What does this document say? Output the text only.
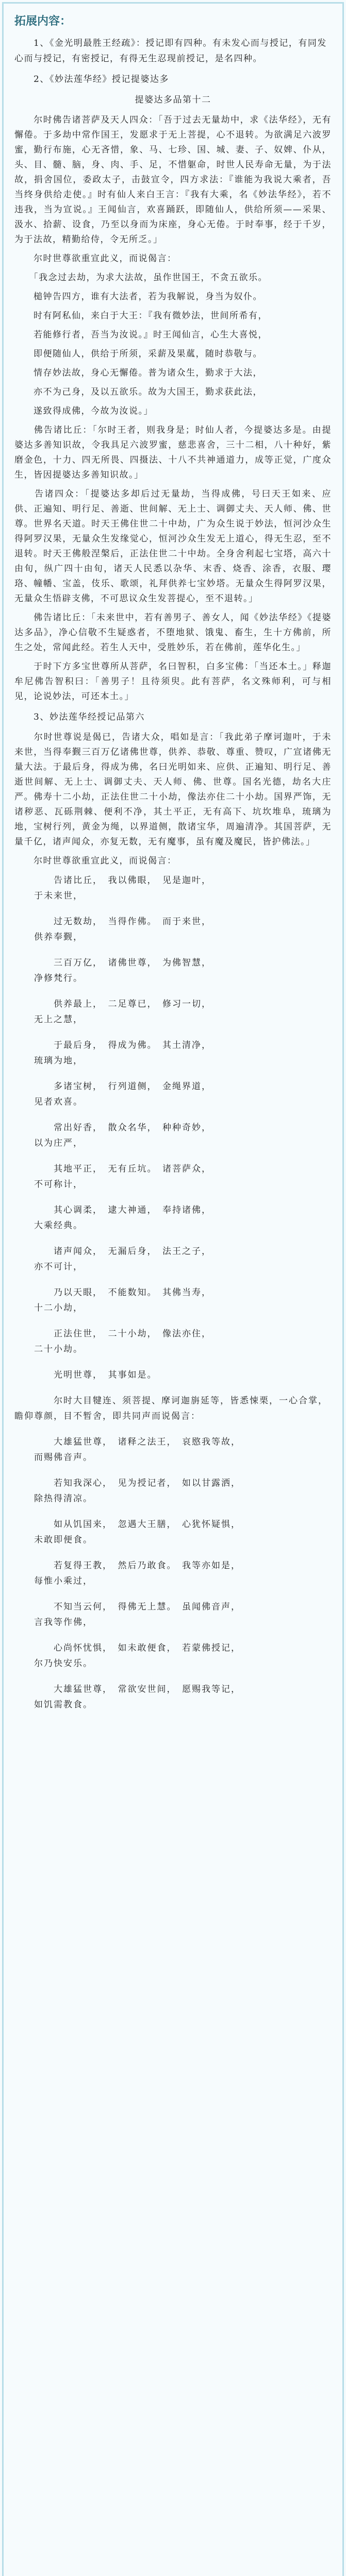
拓展内容：

　　1、《金光明最胜王经疏》：授记即有四种。有未发心而与授记，有同发心而与授记，有密授记，有得无生忍现前授记，是名四种。

　　2、《妙法莲华经》授记提婆达多

提婆达多品第十二

　　尔时佛告诸菩萨及天人四众：「吾于过去无量劫中，求《法华经》，无有懈倦。于多劫中常作国王，发愿求于无上菩提，心不退转。为欲满足六波罗蜜，勤行布施，心无吝惜，象、马、七珍、国、城、妻、子、奴婢、仆从，头、目、髓、脑，身、肉、手、足，不惜躯命，时世人民寿命无量，为于法故，捐舍国位，委政太子，击鼓宣令，四方求法：『谁能为我说大乘者，吾当终身供给走使。』时有仙人来白王言：『我有大乘，名《妙法华经》，若不违我，当为宣说。』王闻仙言，欢喜踊跃，即随仙人，供给所须——采果、汲水、拾薪、设食，乃至以身而为床座，身心无倦。于时奉事，经于千岁，为于法故，精勤给侍，令无所乏。」

　　尔时世尊欲重宣此义，而说偈言：

　　「我念过去劫，为求大法故，虽作世国王，不贪五欲乐。

　　槌钟告四方，谁有大法者，若为我解说，身当为奴仆。

　　时有阿私仙，来白于大王：『我有微妙法，世间所希有，

　　若能修行者，吾当为汝说。』时王闻仙言，心生大喜悦，

　　即便随仙人，供给于所须，采薪及果蓏，随时恭敬与。

　　情存妙法故，身心无懈倦。普为诸众生，勤求于大法，

　　亦不为己身，及以五欲乐。故为大国王，勤求获此法，

　　遂致得成佛，今故为汝说。」

　　佛告诸比丘：「尔时王者，则我身是；时仙人者，今提婆达多是。由提婆达多善知识故，令我具足六波罗蜜，慈悲喜舍，三十二相，八十种好，紫磨金色，十力、四无所畏、四摄法、十八不共神通道力，成等正觉，广度众生，皆因提婆达多善知识故。」

　　告诸四众：「提婆达多却后过无量劫，当得成佛，号曰天王如来、应供、正遍知、明行足、善逝、世间解、无上士、调御丈夫、天人师、佛、世尊。世界名天道。时天王佛住世二十中劫，广为众生说于妙法，恒河沙众生得阿罗汉果，无量众生发缘觉心，恒河沙众生发无上道心，得无生忍，至不退转。时天王佛般涅槃后，正法住世二十中劫。全身舍利起七宝塔，高六十由旬，纵广四十由旬，诸天人民悉以杂华、末香、烧香、涂香，衣服、璎珞、幢幡、宝盖，伎乐、歌颂，礼拜供养七宝妙塔。无量众生得阿罗汉果，无量众生悟辟支佛，不可思议众生发菩提心，至不退转。」

　　佛告诸比丘：「未来世中，若有善男子、善女人，闻《妙法华经》《提婆达多品》，净心信敬不生疑惑者，不堕地狱、饿鬼、畜生，生十方佛前，所生之处，常闻此经。若生人天中，受胜妙乐，若在佛前，莲华化生。」

　　于时下方多宝世尊所从菩萨，名曰智积，白多宝佛：「当还本土。」释迦牟尼佛告智积曰：「善男子！且待须臾。此有菩萨，名文殊师利，可与相见，论说妙法，可还本土。」

　　3、妙法莲华经授记品第六

　　尔时世尊说是偈已，告诸大众，唱如是言：「我此弟子摩诃迦叶，于未来世，当得奉觐三百万亿诸佛世尊，供养、恭敬、尊重、赞叹，广宣诸佛无量大法。于最后身，得成为佛，名曰光明如来、应供、正遍知、明行足、善逝世间解、无上士、调御丈夫、天人师、佛、世尊。国名光德，劫名大庄严。佛寿十二小劫，正法住世二十小劫，像法亦住二十小劫。国界严饰，无诸秽恶、瓦砾荆棘、便利不净，其土平正，无有高下、坑坎堆阜，琉璃为地，宝树行列，黄金为绳，以界道侧，散诸宝华，周遍清净。其国菩萨，无量千亿，诸声闻众，亦复无数，无有魔事，虽有魔及魔民，皆护佛法。」

　　尔时世尊欲重宣此义，而说偈言：

　　　　告诸比丘，　我以佛眼，　见是迦叶，
　　于未来世，

　　　　过无数劫，　当得作佛。　而于来世，
　　供养奉觐，

　　　　三百万亿，　诸佛世尊，　为佛智慧，
　　净修梵行。

　　　　供养最上，　二足尊已，　修习一切，
　　无上之慧，

　　　　于最后身，　得成为佛。　其土清净，
　　琉璃为地，

　　　　多诸宝树，　行列道侧，　金绳界道，
　　见者欢喜。

　　　　常出好香，　散众名华，　种种奇妙，
　　以为庄严，

　　　　其地平正，　无有丘坑。　诸菩萨众，
　　不可称计，

　　　　其心调柔，　逮大神通，　奉持诸佛，
　　大乘经典。

　　　　诸声闻众，　无漏后身，　法王之子，
　　亦不可计，

　　　　乃以天眼，　不能数知。　其佛当寿，
　　十二小劫，

　　　　正法住世，　二十小劫，　像法亦住，
　　二十小劫。

　　　　光明世尊，　其事如是。

　　　　尔时大目犍连、须菩提、摩诃迦旃延等，皆悉悚栗，一心合掌，瞻仰尊颜，目不暂舍，即共同声而说偈言：

　　　　大雄猛世尊，　诸释之法王，　哀愍我等故，
　　而赐佛音声。

　　　　若知我深心，　见为授记者，　如以甘露洒，
　　除热得清凉。

　　　　如从饥国来，　忽遇大王膳，　心犹怀疑惧，
　　未敢即便食。

　　　　若复得王教，　然后乃敢食。　我等亦如是，
　　每惟小乘过，

　　　　不知当云何，　得佛无上慧。　虽闻佛音声，
　　言我等作佛，

　　　　心尚怀忧惧，　如未敢便食，　若蒙佛授记，
　　尔乃快安乐。

　　　　大雄猛世尊，　常欲安世间，　愿赐我等记，
　　如饥需教食。
